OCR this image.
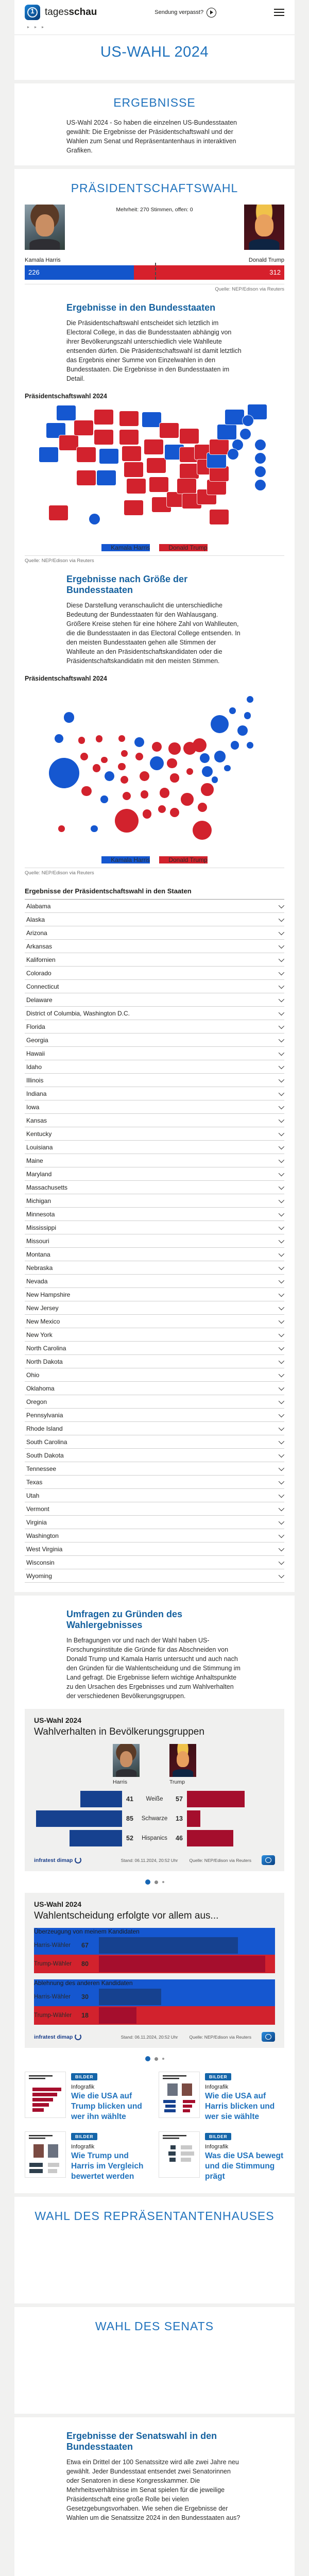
1
tagesschau	Sendung verpasst?
▸ ▸ ▸
US-WAHL 2024
ERGEBNISSE

US-Wahl 2024 - So haben die einzelnen US-Bundesstaaten gewählt: Die Ergebnisse der Präsidentschaftswahl und der Wahlen zum Senat und Repräsentantenhaus in interaktiven Grafiken.

PRÄSIDENTSCHAFTSWAHL
Mehrheit: 270 Stimmen, offen: 0
Kamala Harris	Donald Trump
226	312
Quelle: NEP/Edison via Reuters
Ergebnisse in den Bundesstaaten

Die Präsidentschaftswahl entscheidet sich letztlich im Electoral College, in das die Bundesstaaten abhängig von ihrer Bevölkerungszahl unterschiedlich viele Wahlleute entsenden dürfen. Die Präsidentschaftswahl ist damit letztlich das Ergebnis einer Summe von Einzelwahlen in den Bundesstaaten. Die Ergebnisse in den Bundesstaaten im Detail.

Präsidentschaftswahl 2024
Kamala Harris	Donald Trump
Quelle: NEP/Edison via Reuters
Ergebnisse nach Größe der Bundesstaaten

Diese Darstellung veranschaulicht die unterschiedliche Bedeutung der Bundesstaaten für den Wahlausgang. Größere Kreise stehen für eine höhere Zahl von Wahlleuten, die die Bundesstaaten in das Electoral College entsenden. In den meisten Bundesstaaten gehen alle Stimmen der Wahlleute an den Präsidentschaftskandidaten oder die Präsidentschaftskandidatin mit den meisten Stimmen.

Präsidentschaftswahl 2024
Kamala Harris	Donald Trump
Quelle: NEP/Edison via Reuters
Ergebnisse der Präsidentschaftswahl in den Staaten
Alabama
Alaska
Arizona
Arkansas
Kalifornien
Colorado
Connecticut
Delaware
District of Columbia, Washington D.C.
Florida
Georgia
Hawaii
Idaho
Illinois
Indiana
Iowa
Kansas
Kentucky
Louisiana
Maine
Maryland
Massachusetts
Michigan
Minnesota
Mississippi
Missouri
Montana
Nebraska
Nevada
New Hampshire
New Jersey
New Mexico
New York
North Carolina
North Dakota
Ohio
Oklahoma
Oregon
Pennsylvania
Rhode Island
South Carolina
South Dakota
Tennessee
Texas
Utah
Vermont
Virginia
Washington
West Virginia
Wisconsin
Wyoming
Umfragen zu Gründen des Wahlergebnisses

In Befragungen vor und nach der Wahl haben US-Forschungsinstitute die Gründe für das Abschneiden von Donald Trump und Kamala Harris untersucht und auch nach den Gründen für die Wahlentscheidung und die Stimmung im Land gefragt. Die Ergebnisse liefern wichtige Anhaltspunkte zu den Ursachen des Ergebnisses und zum Wahlverhalten der verschiedenen Bevölkerungsgruppen.

US-Wahl 2024
Wahlverhalten in Bevölkerungsgruppen
Harris	Trump
41	Weiße	57
85	Schwarze	13
52	Hispanics	46
infratest dimap	Stand: 06.11.2024, 20:52 Uhr	Quelle: NEP/Edison via Reuters
US-Wahl 2024
Wahlentscheidung erfolgte vor allem aus...
Überzeugung von meinem Kandidaten
Harris-Wähler	67
Trump-Wähler	80
Ablehnung des anderen Kandidaten
Harris-Wähler	30
Trump-Wähler	18
infratest dimap	Stand: 06.11.2024, 20:52 Uhr	Quelle: NEP/Edison via Reuters
BILDER
Infografik
Wie die USA auf Trump blicken und wer ihn wählte
BILDER
Infografik
Wie die USA auf Harris blicken und wer sie wählte
BILDER
Infografik
Wie Trump und Harris im Vergleich bewertet werden
BILDER
Infografik
Was die USA bewegt und die Stimmung prägt
WAHL DES REPRÄSENTANTENHAUSES
WAHL DES SENATS
Ergebnisse der Senatswahl in den Bundesstaaten

Etwa ein Drittel der 100 Senatssitze wird alle zwei Jahre neu gewählt. Jeder Bundesstaat entsendet zwei Senatorinnen oder Senatoren in diese Kongresskammer. Die Mehrheitsverhältnisse im Senat spielen für die jeweilige Präsidentschaft eine große Rolle bei vielen Gesetzgebungsvorhaben. Wie sehen die Ergebnisse der Wahlen um die Senatssitze 2024 in den Bundesstaaten aus?
